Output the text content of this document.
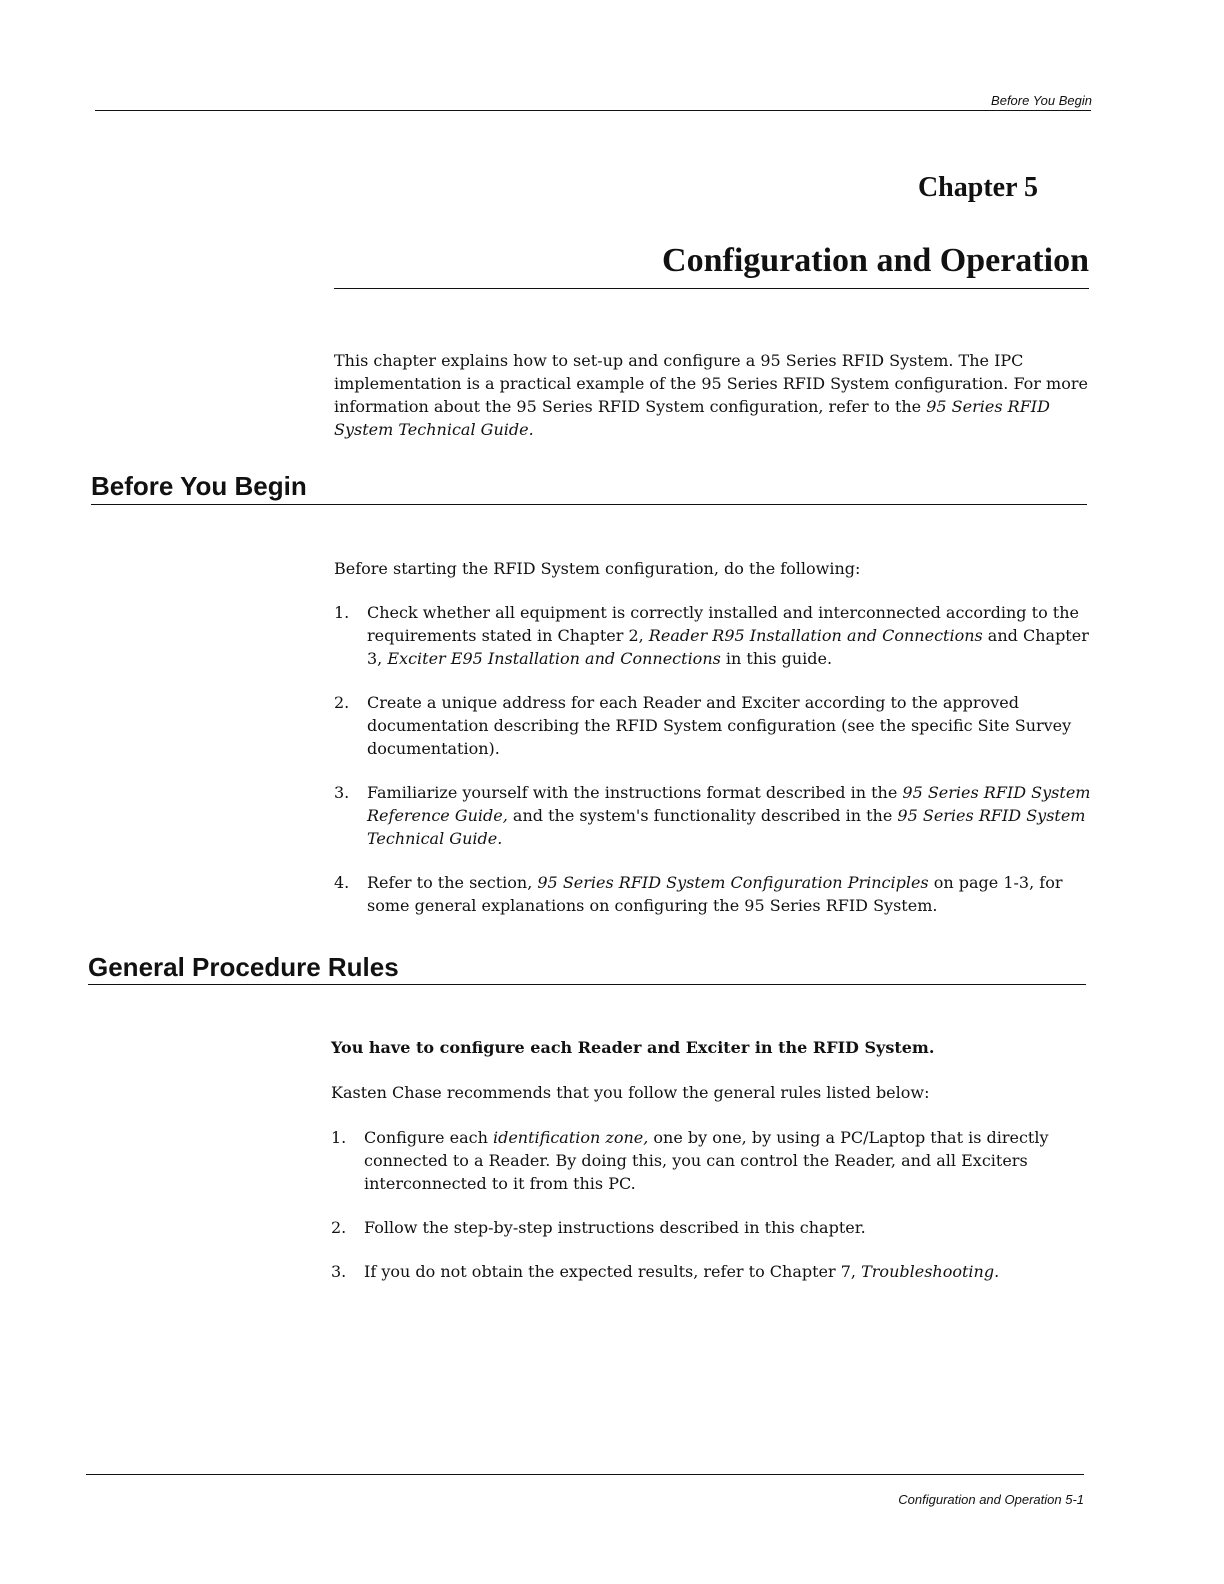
Before You Begin
Chapter 5
Configuration and Operation
This chapter explains how to set-up and configure a 95 Series RFID System. The IPC implementation is a practical example of the 95 Series RFID System configuration. For more information about the 95 Series RFID System configuration, refer to the 95 Series RFID System Technical Guide.
Before You Begin
Before starting the RFID System configuration, do the following:
1. Check whether all equipment is correctly installed and interconnected according to the requirements stated in Chapter 2, Reader R95 Installation and Connections and Chapter 3, Exciter E95 Installation and Connections in this guide.
2. Create a unique address for each Reader and Exciter according to the approved documentation describing the RFID System configuration (see the specific Site Survey documentation).
3. Familiarize yourself with the instructions format described in the 95 Series RFID System Reference Guide, and the system's functionality described in the 95 Series RFID System Technical Guide.
4. Refer to the section, 95 Series RFID System Configuration Principles on page 1-3, for some general explanations on configuring the 95 Series RFID System.
General Procedure Rules
You have to configure each Reader and Exciter in the RFID System.
Kasten Chase recommends that you follow the general rules listed below:
1. Configure each identification zone, one by one, by using a PC/Laptop that is directly connected to a Reader. By doing this, you can control the Reader, and all Exciters interconnected to it from this PC.
2. Follow the step-by-step instructions described in this chapter.
3. If you do not obtain the expected results, refer to Chapter 7, Troubleshooting.
Configuration and Operation 5-1
